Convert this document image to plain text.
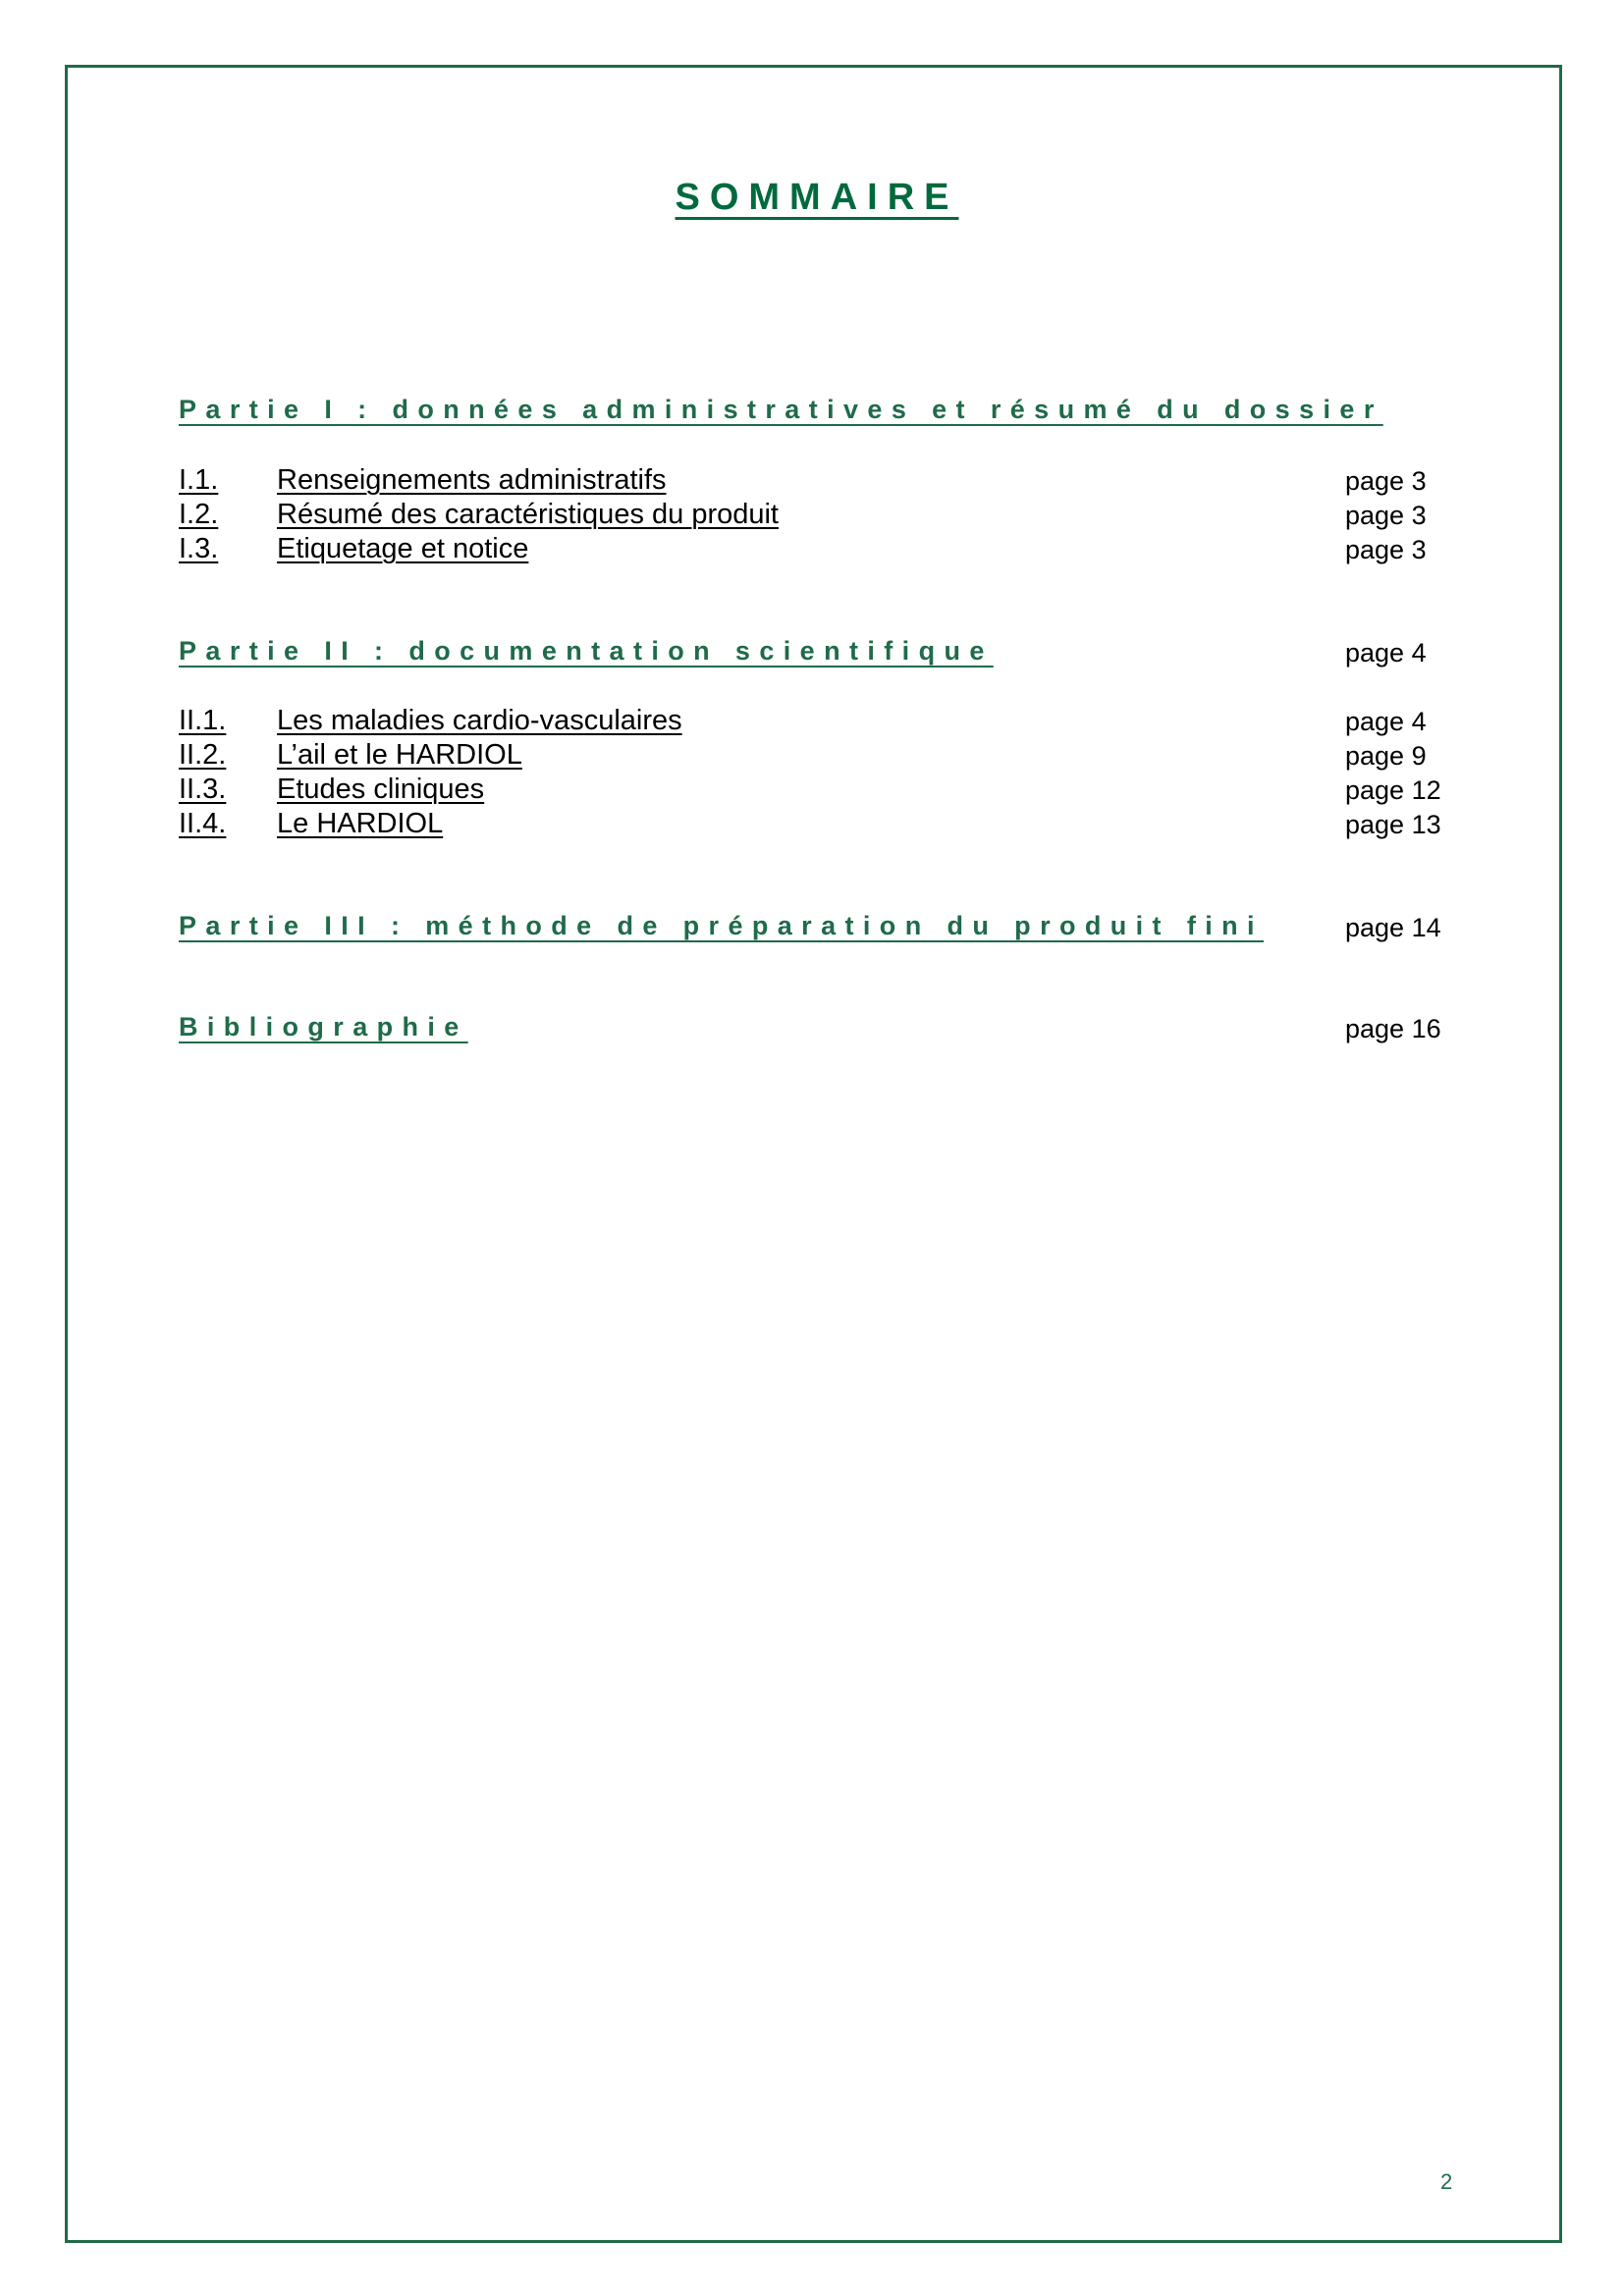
SOMMAIRE
Partie I : données administratives et résumé du dossier
I.1. Renseignements administratifs	page 3
I.2. Résumé des caractéristiques du produit	page 3
I.3. Etiquetage et notice	page 3
Partie II : documentation scientifique	page 4
II.1. Les maladies cardio-vasculaires	page 4
II.2. L’ail et le HARDIOL	page 9
II.3. Etudes cliniques	page 12
II.4. Le HARDIOL	page 13
Partie III : méthode de préparation du produit fini	page 14
Bibliographie	page 16
2
